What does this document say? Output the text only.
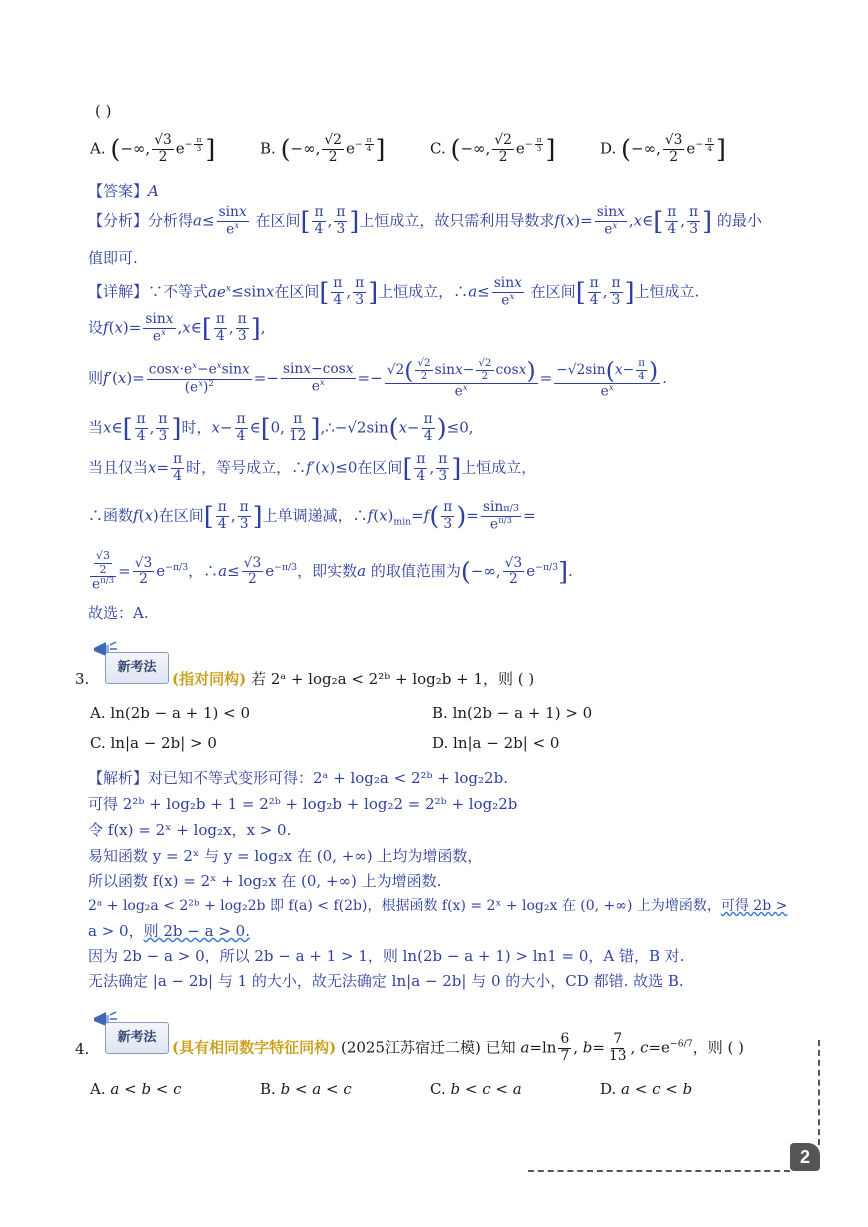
( )
A. (−∞, $\frac{√3}{2} e^{- \frac{\pi}{3}}$ ]	B. (−∞, $\frac{√2}{2} e^{- \frac{\pi}{4}}$ ]	C. (−∞, $\frac{√2}{2} e^{- \frac{\pi}{3}}$ ]	D. (−∞, $\frac{√3}{2} e^{- \frac{\pi}{4}}$ ]
【答案】A
【分析】分析得$a\le \frac{\sin x}{e^x}$ 在区间[ $\frac{\pi}{4}$ , $\frac{\pi}{3}$ ]上恒成立，故只需利用导数求$f(x)= \frac{\sin x}{e^x}$ ,x∈[ $\frac{\pi}{4}$ , $\frac{\pi}{3}$ ] 的最小
值即可.
【详解】∵不等式$ae^x\le\sin x$在区间[ $\frac{\pi}{4}$ , $\frac{\pi}{3}$ ]上恒成立，∴a≤ $\frac{\sin x}{e^x}$ 在区间[ $\frac{\pi}{4}$ , $\frac{\pi}{3}$ ]上恒成立.
设$f(x)= \frac{\sin x}{e^x}$ ,x∈[ $\frac{\pi}{4}$ , $\frac{\pi}{3}$ ],
则$f'(x)= \frac{\cos x\cdot e^x-e^x\sin x}{(e^x)^2} =- \frac{\sin x-\cos x}{e^x} =- \frac{√2( \frac{√2}{2} \sin x- \frac{√2}{2} \cos x)}{e^x} = \frac{-√2\sin(x- \frac{\pi}{4} )}{e^x}$ .
当x∈[ $\frac{\pi}{4}$ , $\frac{\pi}{3}$ ]时，$x- \frac{\pi}{4}$ ∈[0, $\frac{\pi}{12}$ ],∴−√2sin(x− $\frac{\pi}{4} )\le 0$,
当且仅当$x= \frac{\pi}{4}$ 时，等号成立，∴f′(x)≤0在区间[ $\frac{\pi}{4}$ , $\frac{\pi}{3}$ ]上恒成立，
∴函数f(x)在区间[ $\frac{\pi}{4}$ , $\frac{\pi}{3}$ ]上单调递减，$\therefore f(x)_{min}=f( \frac{\pi}{3}$ )= $\frac{\sin\pi/3}{e^{\pi/3}}$ =
$\frac{\frac{√3}{2}}{e^{\pi/3}} = \frac{√3}{2} e^{-\pi/3}$，∴a≤ $\frac{√3}{2} e^{-\pi/3}$，即实数a 的取值范围为(−∞, $\frac{√3}{2} e^{-\pi/3}$].
故选：A.
新考法
3.	(指对同构) 若 2ᵃ + log₂a < 2²ᵇ + log₂b + 1，则 ( )
A. ln(2b − a + 1) < 0	B. ln(2b − a + 1) > 0
C. ln|a − 2b| > 0	D. ln|a − 2b| < 0
【解析】对已知不等式变形可得：2ᵃ + log₂a < 2²ᵇ + log₂2b.
可得 2²ᵇ + log₂b + 1 = 2²ᵇ + log₂b + log₂2 = 2²ᵇ + log₂2b
令 f(x) = 2ˣ + log₂x，x > 0.
易知函数 y = 2ˣ 与 y = log₂x 在 (0, +∞) 上均为增函数，
所以函数 f(x) = 2ˣ + log₂x 在 (0, +∞) 上为增函数.
2ᵃ + log₂a < 2²ᵇ + log₂2b 即 f(a) < f(2b)，根据函数 f(x) = 2ˣ + log₂x 在 (0, +∞) 上为增函数，可得 2b >
a > 0，则 2b − a > 0.
因为 2b − a > 0，所以 2b − a + 1 > 1，则 ln(2b − a + 1) > ln1 = 0，A 错，B 对.
无法确定 |a − 2b| 与 1 的大小，故无法确定 ln|a − 2b| 与 0 的大小，CD 都错. 故选 B.
新考法
4.	(具有相同数字特征同构) (2025江苏宿迁二模) 已知 $a=\ln \frac{6}{7}$ , $b= \frac{7}{13}$ , $c=e^{-6/7}$，则 ( )
A. a < b < c	B. b < a < c	C. b < c < a	D. a < c < b
2
